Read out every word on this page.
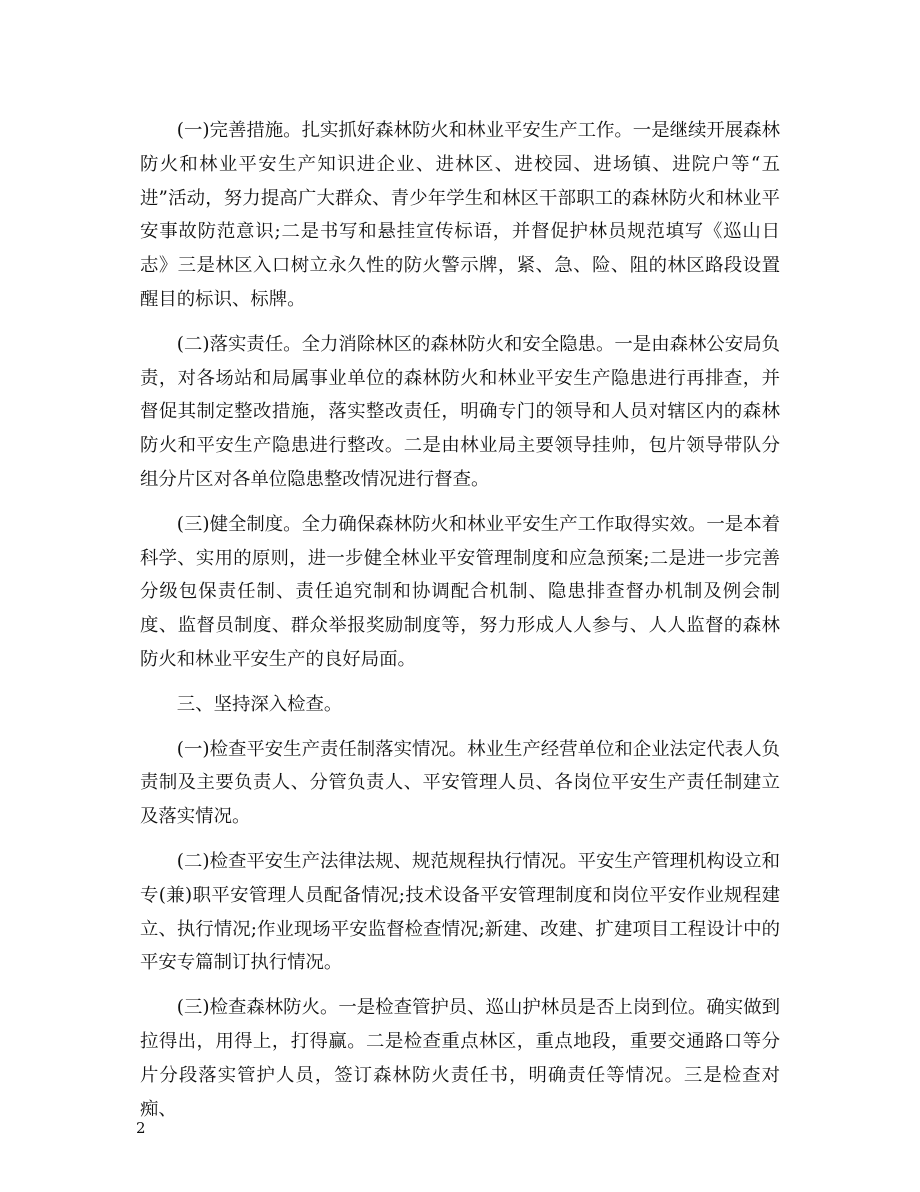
(一)完善措施。扎实抓好森林防火和林业平安生产工作。一是继续开展森林防火和林业平安生产知识进企业、进林区、进校园、进场镇、进院户等“五进”活动，努力提高广大群众、青少年学生和林区干部职工的森林防火和林业平安事故防范意识;二是书写和悬挂宣传标语，并督促护林员规范填写《巡山日志》三是林区入口树立永久性的防火警示牌，紧、急、险、阻的林区路段设置醒目的标识、标牌。

(二)落实责任。全力消除林区的森林防火和安全隐患。一是由森林公安局负责，对各场站和局属事业单位的森林防火和林业平安生产隐患进行再排查，并督促其制定整改措施，落实整改责任，明确专门的领导和人员对辖区内的森林防火和平安生产隐患进行整改。二是由林业局主要领导挂帅，包片领导带队分组分片区对各单位隐患整改情况进行督查。

(三)健全制度。全力确保森林防火和林业平安生产工作取得实效。一是本着科学、实用的原则，进一步健全林业平安管理制度和应急预案;二是进一步完善分级包保责任制、责任追究制和协调配合机制、隐患排查督办机制及例会制度、监督员制度、群众举报奖励制度等，努力形成人人参与、人人监督的森林防火和林业平安生产的良好局面。

三、坚持深入检查。

(一)检查平安生产责任制落实情况。林业生产经营单位和企业法定代表人负责制及主要负责人、分管负责人、平安管理人员、各岗位平安生产责任制建立及落实情况。

(二)检查平安生产法律法规、规范规程执行情况。平安生产管理机构设立和专(兼)职平安管理人员配备情况;技术设备平安管理制度和岗位平安作业规程建立、执行情况;作业现场平安监督检查情况;新建、改建、扩建项目工程设计中的平安专篇制订执行情况。

(三)检查森林防火。一是检查管护员、巡山护林员是否上岗到位。确实做到拉得出，用得上，打得赢。二是检查重点林区，重点地段，重要交通路口等分片分段落实管护人员，签订森林防火责任书，明确责任等情况。三是检查对痴、

2
